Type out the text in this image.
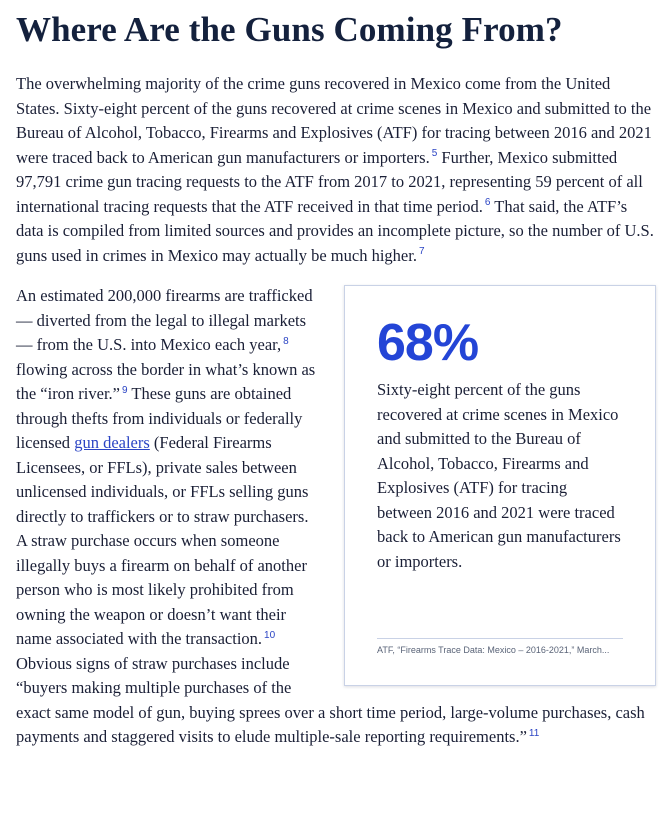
Where Are the Guns Coming From?

The overwhelming majority of the crime guns recovered in Mexico come from the United States. Sixty-eight percent of the guns recovered at crime scenes in Mexico and submitted to the Bureau of Alcohol, Tobacco, Firearms and Explosives (ATF) for tracing between 2016 and 2021 were traced back to American gun manufacturers or importers. $^5$ Further, Mexico submitted 97,791 crime gun tracing requests to the ATF from 2017 to 2021, representing 59 percent of all international tracing requests that the ATF received in that time period. $^6$ That said, the ATF’s data is compiled from limited sources and provides an incomplete picture, so the number of U.S. guns used in crimes in Mexico may actually be much higher. $^7$

68%
Sixty-eight percent of the guns recovered at crime scenes in Mexico and submitted to the Bureau of Alcohol, Tobacco, Firearms and Explosives (ATF) for tracing between 2016 and 2021 were traced back to American gun manufacturers or importers.
ATF, “Firearms Trace Data: Mexico – 2016-2021,” March...

An estimated 200,000 firearms are trafficked — diverted from the legal to illegal markets — from the U.S. into Mexico each year, $^8$ flowing across the border in what’s known as the “iron river.” $^9$ These guns are obtained through thefts from individuals or federally licensed gun dealers (Federal Firearms Licensees, or FFLs), private sales between unlicensed individuals, or FFLs selling guns directly to traffickers or to straw purchasers. A straw purchase occurs when someone illegally buys a firearm on behalf of another person who is most likely prohibited from owning the weapon or doesn’t want their name associated with the transaction. $^{10}$ Obvious signs of straw purchases include “buyers making multiple purchases of the exact same model of gun, buying sprees over a short time period, large-volume purchases, cash payments and staggered visits to elude multiple-sale reporting requirements.” $^{11}$
